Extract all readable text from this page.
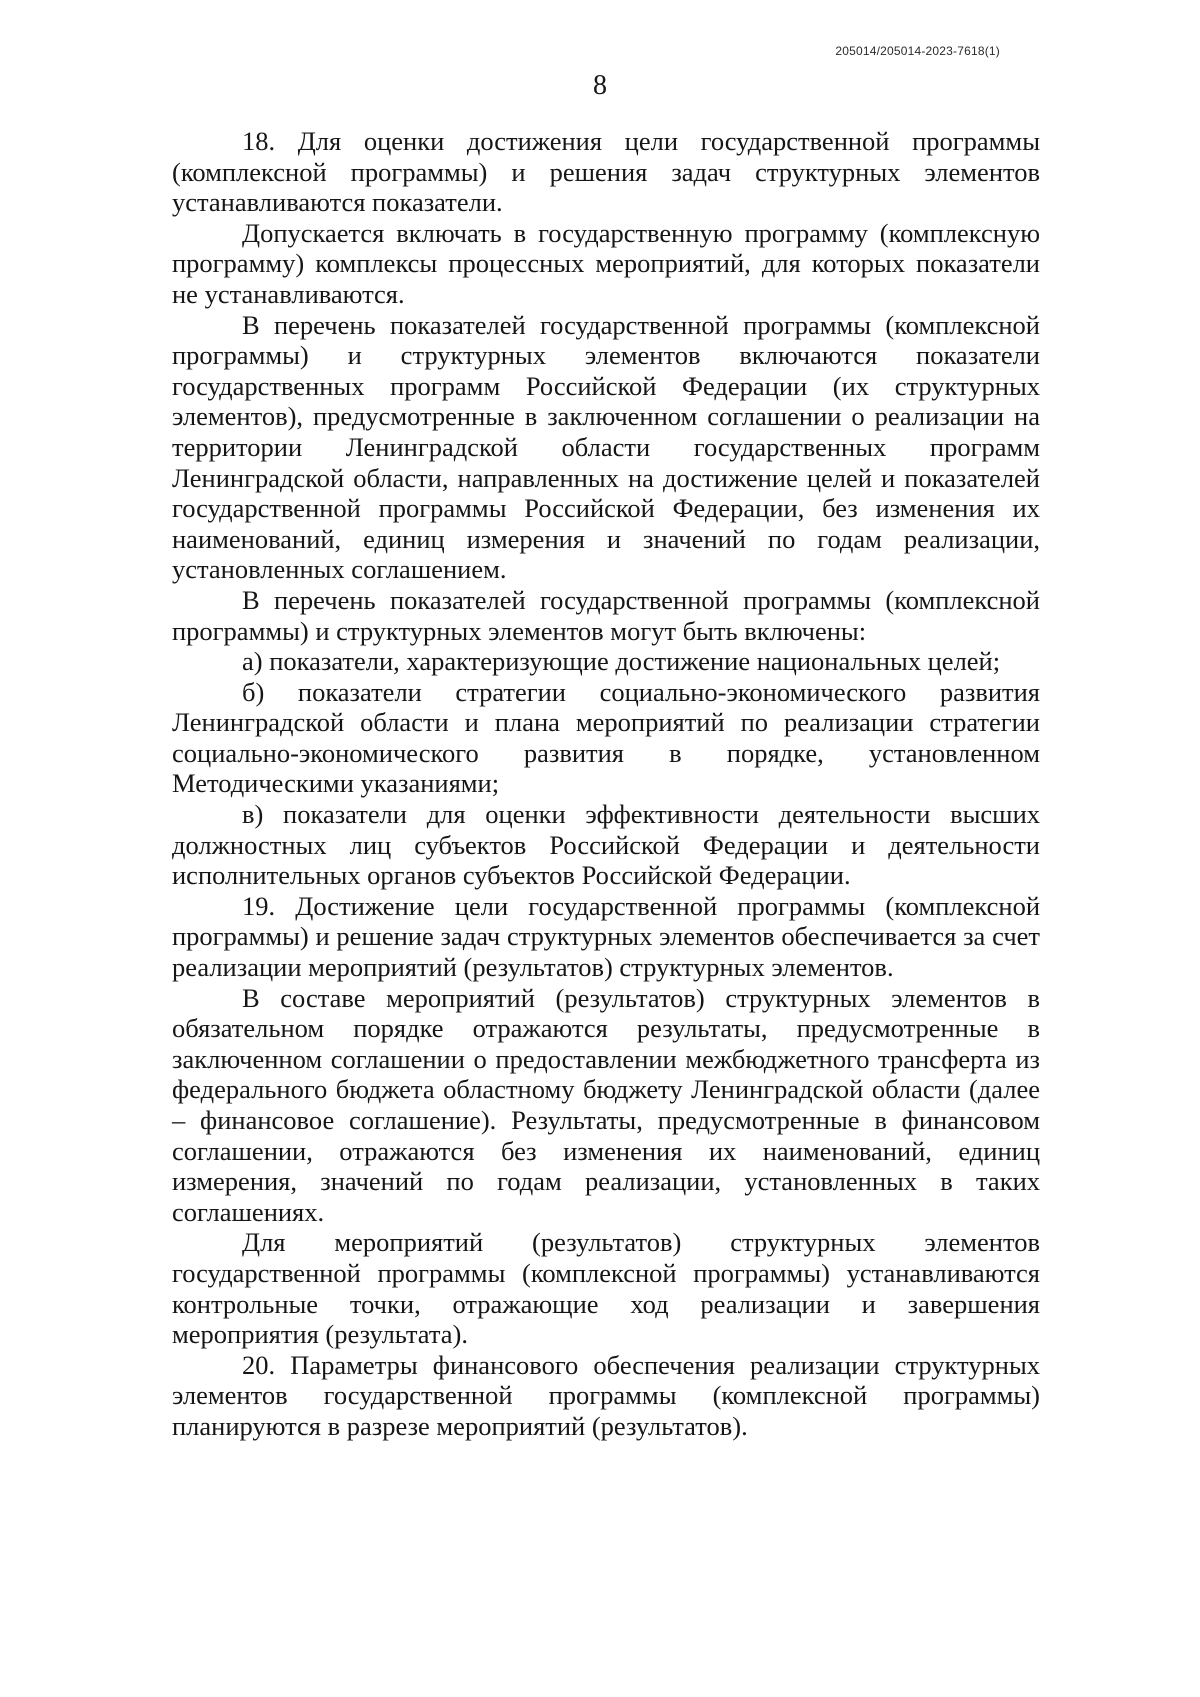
205014/205014-2023-7618(1)
8

18. Для оценки достижения цели государственной программы (комплексной программы) и решения задач структурных элементов устанавливаются показатели.

Допускается включать в государственную программу (комплексную программу) комплексы процессных мероприятий, для которых показатели не устанавливаются.

В перечень показателей государственной программы (комплексной программы) и структурных элементов включаются показатели государственных программ Российской Федерации (их структурных элементов), предусмотренные в заключенном соглашении о реализации на территории Ленинградской области государственных программ Ленинградской области, направленных на достижение целей и показателей государственной программы Российской Федерации, без изменения их наименований, единиц измерения и значений по годам реализации, установленных соглашением.

В перечень показателей государственной программы (комплексной программы) и структурных элементов могут быть включены:

а) показатели, характеризующие достижение национальных целей;

б) показатели стратегии социально-экономического развития Ленинградской области и плана мероприятий по реализации стратегии социально-экономического развития в порядке, установленном Методическими указаниями;

в) показатели для оценки эффективности деятельности высших должностных лиц субъектов Российской Федерации и деятельности исполнительных органов субъектов Российской Федерации.

19. Достижение цели государственной программы (комплексной программы) и решение задач структурных элементов обеспечивается за счет реализации мероприятий (результатов) структурных элементов.

В составе мероприятий (результатов) структурных элементов в обязательном порядке отражаются результаты, предусмотренные в заключенном соглашении о предоставлении межбюджетного трансферта из федерального бюджета областному бюджету Ленинградской области (далее – финансовое соглашение). Результаты, предусмотренные в финансовом соглашении, отражаются без изменения их наименований, единиц измерения, значений по годам реализации, установленных в таких соглашениях.

Для мероприятий (результатов) структурных элементов государственной программы (комплексной программы) устанавливаются контрольные точки, отражающие ход реализации и завершения мероприятия (результата).

20. Параметры финансового обеспечения реализации структурных элементов государственной программы (комплексной программы) планируются в разрезе мероприятий (результатов).
